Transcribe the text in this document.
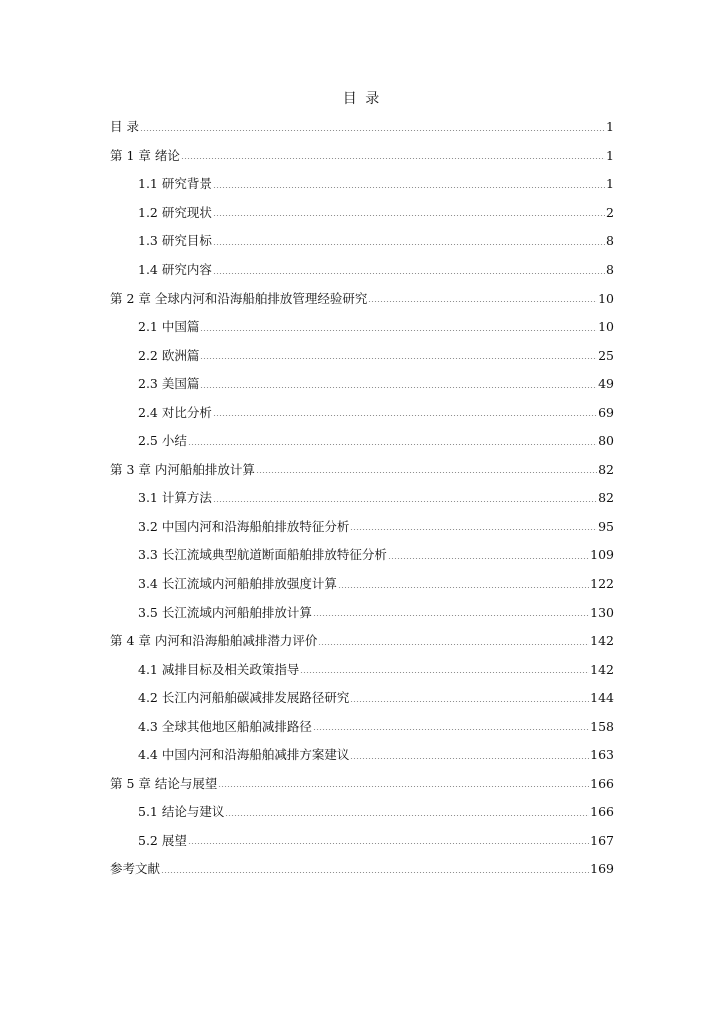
目 录
目 录	1
第 1 章 绪论	1
1.1 研究背景	1
1.2 研究现状	2
1.3 研究目标	8
1.4 研究内容	8
第 2 章 全球内河和沿海船舶排放管理经验研究	10
2.1 中国篇	10
2.2 欧洲篇	25
2.3 美国篇	49
2.4 对比分析	69
2.5 小结	80
第 3 章 内河船舶排放计算	82
3.1 计算方法	82
3.2 中国内河和沿海船舶排放特征分析	95
3.3 长江流域典型航道断面船舶排放特征分析	109
3.4 长江流域内河船舶排放强度计算	122
3.5 长江流域内河船舶排放计算	130
第 4 章 内河和沿海船舶减排潜力评价	142
4.1 减排目标及相关政策指导	142
4.2 长江内河船舶碳减排发展路径研究	144
4.3 全球其他地区船舶减排路径	158
4.4 中国内河和沿海船舶减排方案建议	163
第 5 章 结论与展望	166
5.1 结论与建议	166
5.2 展望	167
参考文献	169
